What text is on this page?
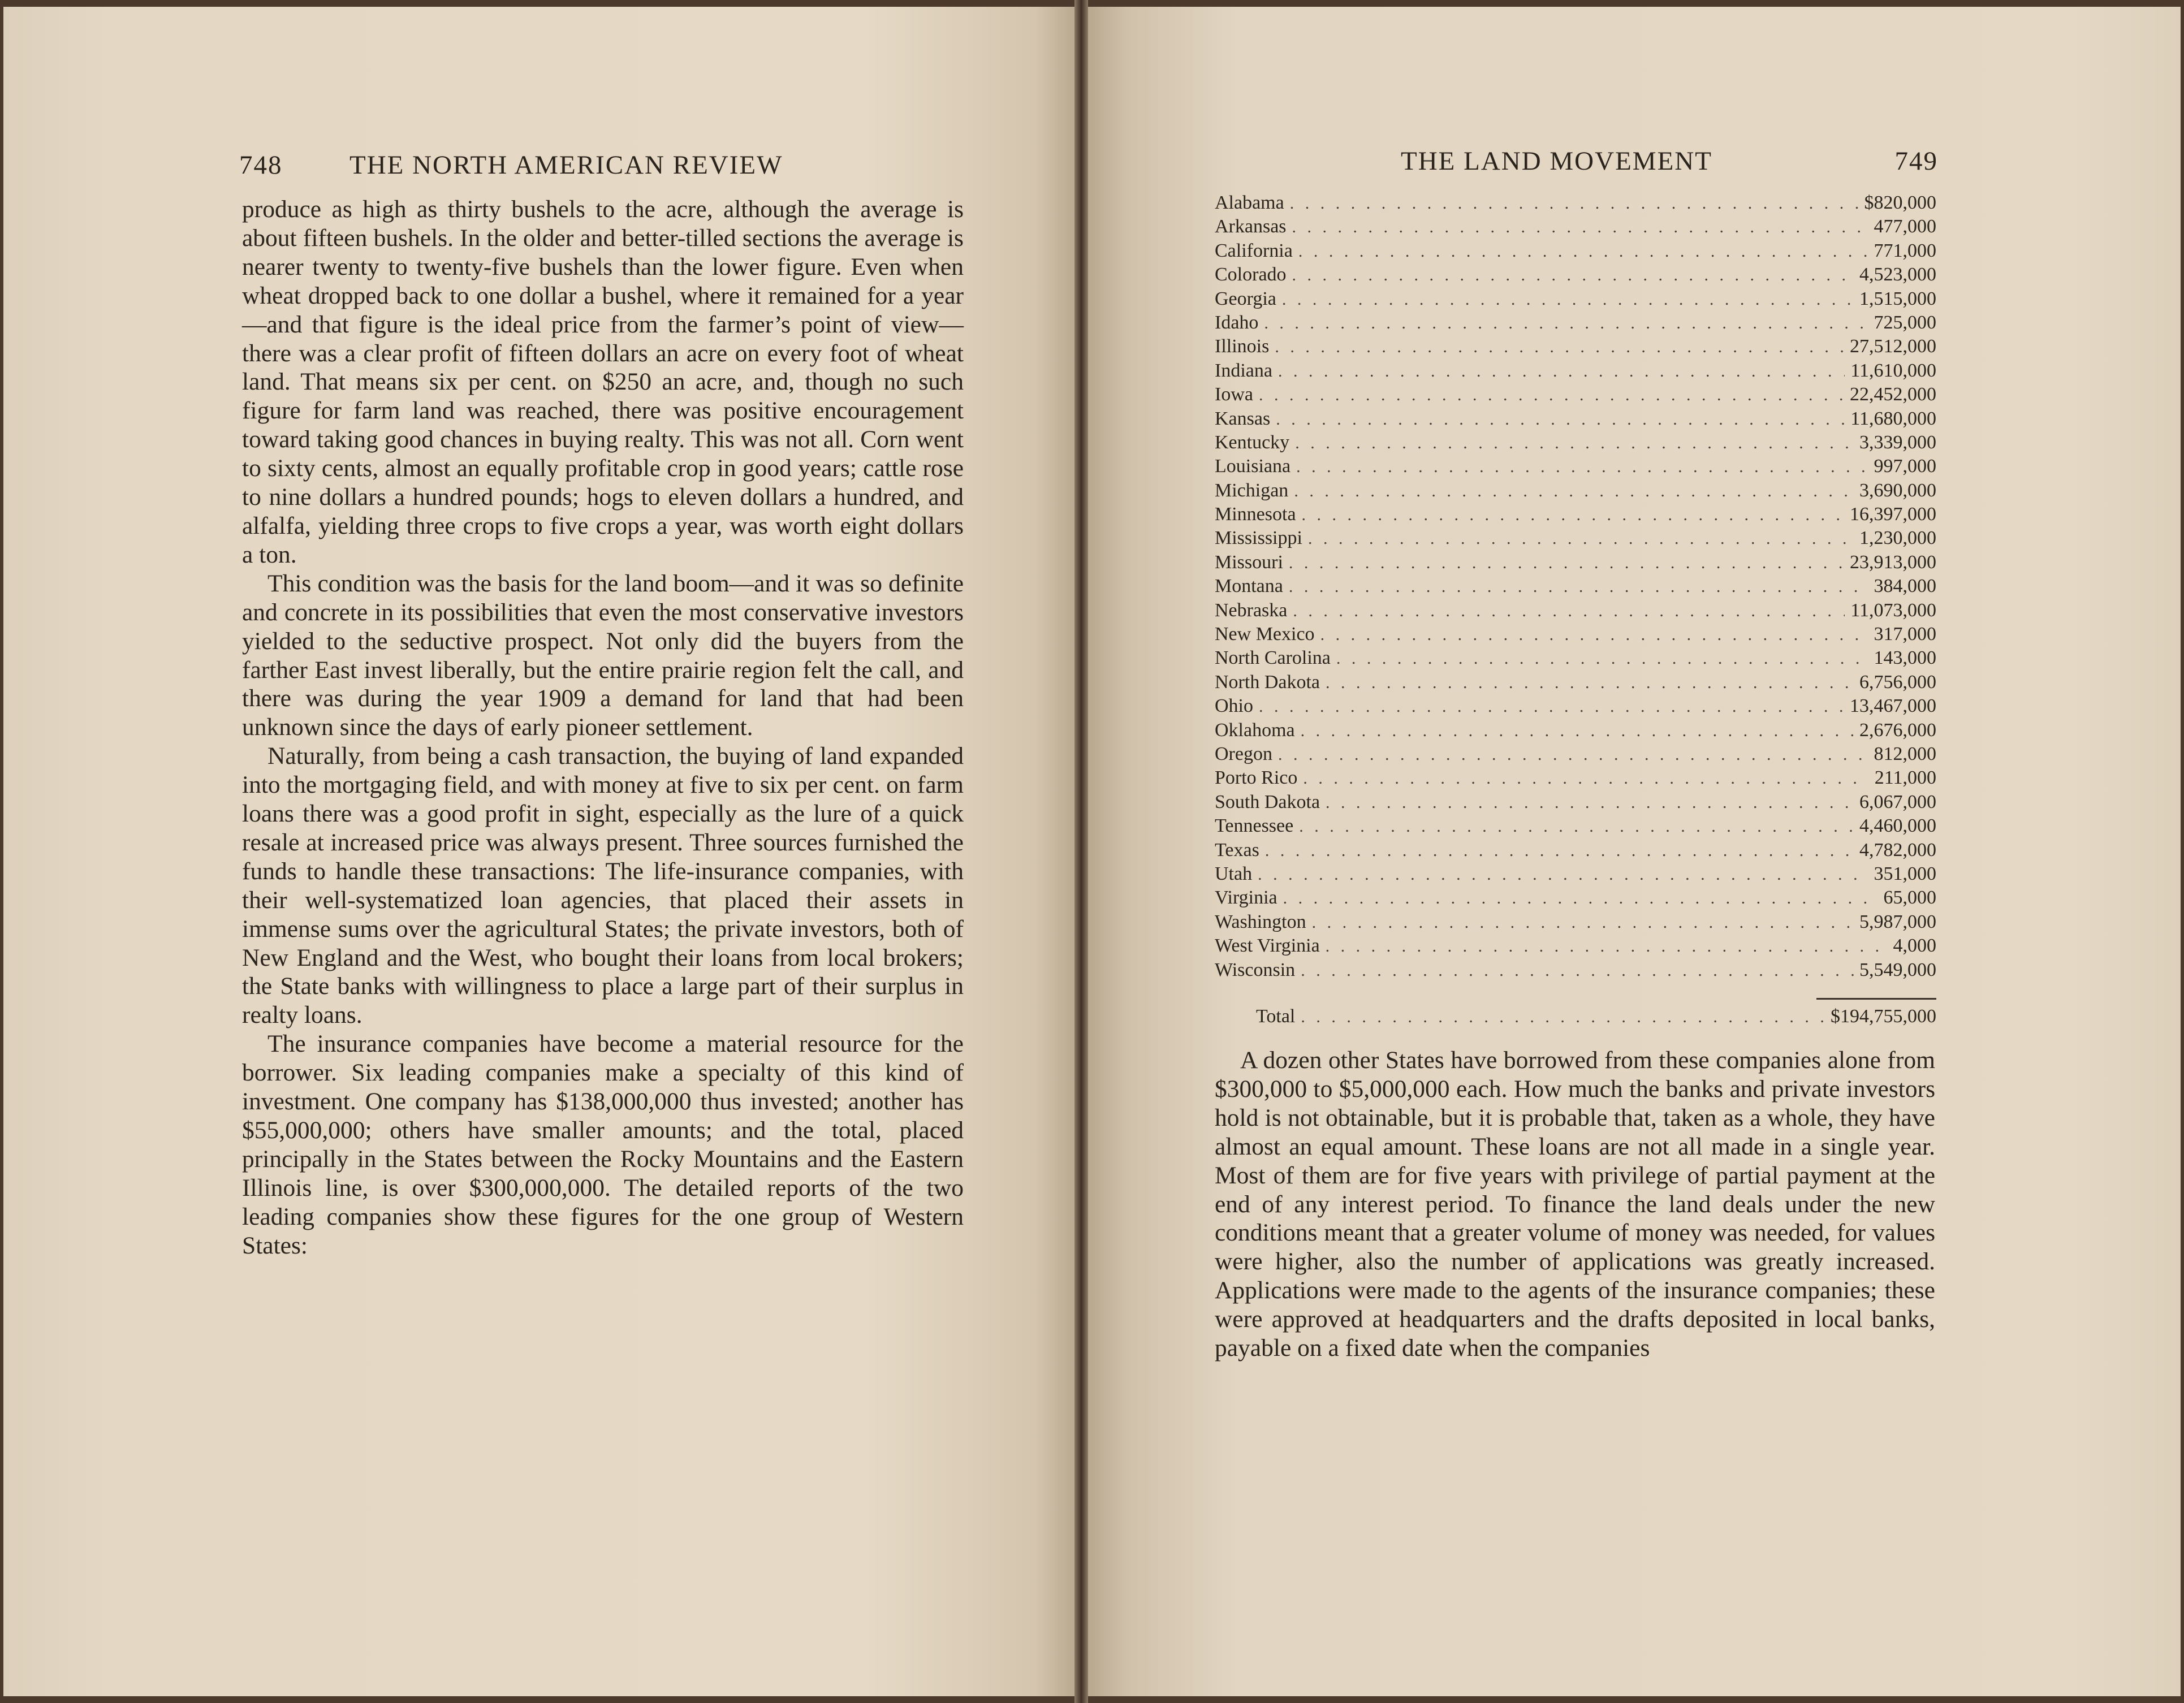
748	THE NORTH AMERICAN REVIEW

produce as high as thirty bushels to the acre, although the average is about fifteen bushels. In the older and better-tilled sections the average is nearer twenty to twenty-five bushels than the lower figure. Even when wheat dropped back to one dollar a bushel, where it remained for a year—and that figure is the ideal price from the farmer’s point of view—there was a clear profit of fifteen dollars an acre on every foot of wheat land. That means six per cent. on $250 an acre, and, though no such figure for farm land was reached, there was positive encouragement toward taking good chances in buying realty. This was not all. Corn went to sixty cents, almost an equally profitable crop in good years; cattle rose to nine dollars a hundred pounds; hogs to eleven dollars a hundred, and alfalfa, yielding three crops to five crops a year, was worth eight dollars a ton.

This condition was the basis for the land boom—and it was so definite and concrete in its possibilities that even the most conservative investors yielded to the seductive prospect. Not only did the buyers from the farther East invest liberally, but the entire prairie region felt the call, and there was during the year 1909 a demand for land that had been unknown since the days of early pioneer settlement.

Naturally, from being a cash transaction, the buying of land expanded into the mortgaging field, and with money at five to six per cent. on farm loans there was a good profit in sight, especially as the lure of a quick resale at increased price was always present. Three sources furnished the funds to handle these transactions: The life-insurance companies, with their well-systematized loan agencies, that placed their assets in immense sums over the agricultural States; the private investors, both of New England and the West, who bought their loans from local brokers; the State banks with willingness to place a large part of their surplus in realty loans.

The insurance companies have become a material resource for the borrower. Six leading companies make a specialty of this kind of investment. One company has $138,000,000 thus invested; another has $55,000,000; others have smaller amounts; and the total, placed principally in the States between the Rocky Mountains and the Eastern Illinois line, is over $300,000,000. The detailed reports of the two leading companies show these figures for the one group of Western States:

THE LAND MOVEMENT	749
Alabama . . .	$820,000
Arkansas . . .	477,000
California . . .	771,000
Colorado . . .	4,523,000
Georgia . . .	1,515,000
Idaho . . .	725,000
Illinois . . .	27,512,000
Indiana . . .	11,610,000
Iowa . . .	22,452,000
Kansas . . .	11,680,000
Kentucky . . .	3,339,000
Louisiana . . .	997,000
Michigan . . .	3,690,000
Minnesota . . .	16,397,000
Mississippi . . .	1,230,000
Missouri . . .	23,913,000
Montana . . .	384,000
Nebraska . . .	11,073,000
New Mexico . . .	317,000
North Carolina . . .	143,000
North Dakota . . .	6,756,000
Ohio . . .	13,467,000
Oklahoma . . .	2,676,000
Oregon . . .	812,000
Porto Rico . . .	211,000
South Dakota . . .	6,067,000
Tennessee . . .	4,460,000
Texas . . .	4,782,000
Utah . . .	351,000
Virginia . . .	65,000
Washington . . .	5,987,000
West Virginia . . .	4,000
Wisconsin . . .	5,549,000
Total . . .	$194,755,000

A dozen other States have borrowed from these companies alone from $300,000 to $5,000,000 each. How much the banks and private investors hold is not obtainable, but it is probable that, taken as a whole, they have almost an equal amount. These loans are not all made in a single year. Most of them are for five years with privilege of partial payment at the end of any interest period. To finance the land deals under the new conditions meant that a greater volume of money was needed, for values were higher, also the number of applications was greatly increased. Applications were made to the agents of the insurance companies; these were approved at headquarters and the drafts deposited in local banks, payable on a fixed date when the companies
